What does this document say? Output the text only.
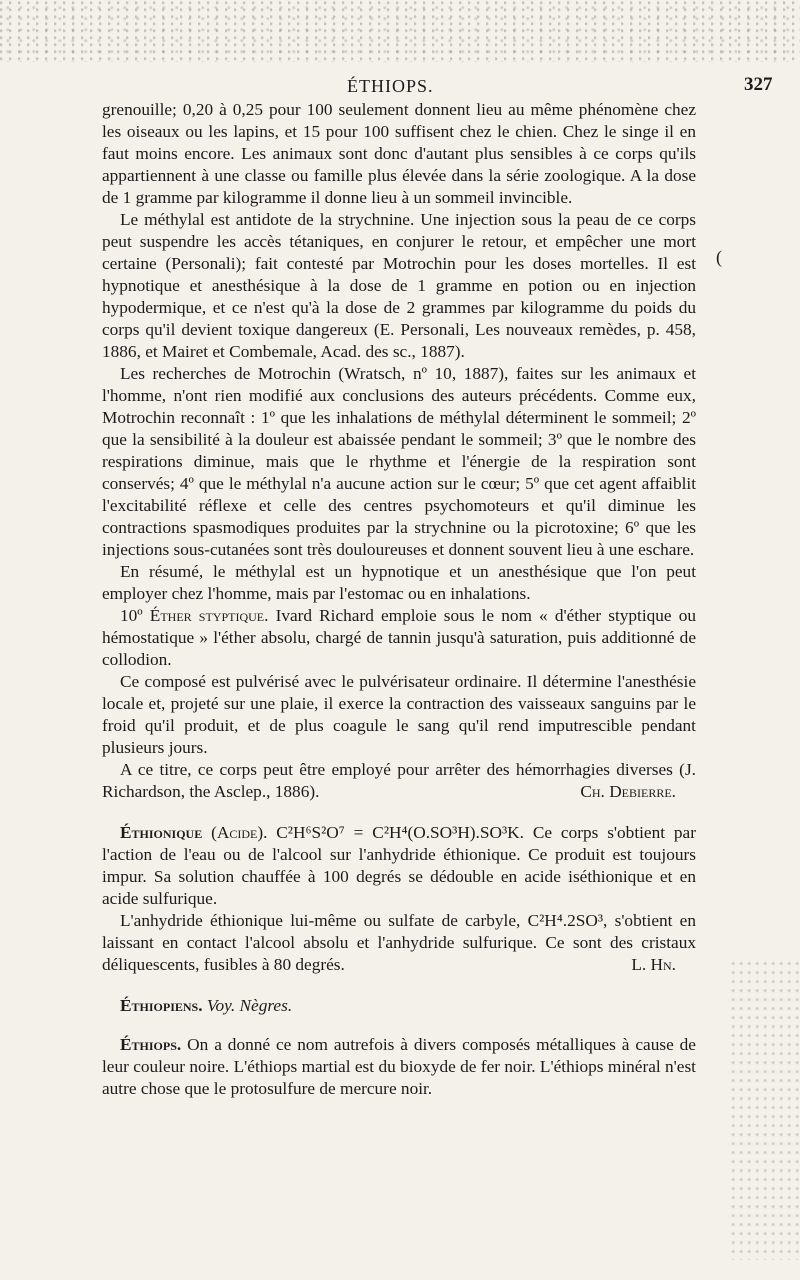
ÉTHIOPS.	327
(

grenouille; 0,20 à 0,25 pour 100 seulement donnent lieu au même phénomène chez les oiseaux ou les lapins, et 15 pour 100 suffisent chez le chien. Chez le singe il en faut moins encore. Les animaux sont donc d'autant plus sensibles à ce corps qu'ils appartiennent à une classe ou famille plus élevée dans la série zoologique. A la dose de 1 gramme par kilogramme il donne lieu à un sommeil invincible.

Le méthylal est antidote de la strychnine. Une injection sous la peau de ce corps peut suspendre les accès tétaniques, en conjurer le retour, et empêcher une mort certaine (Personali); fait contesté par Motrochin pour les doses mortelles. Il est hypnotique et anesthésique à la dose de 1 gramme en potion ou en injection hypodermique, et ce n'est qu'à la dose de 2 grammes par kilogramme du poids du corps qu'il devient toxique dangereux (E. Personali, Les nouveaux remèdes, p. 458, 1886, et Mairet et Combemale, Acad. des sc., 1887).

Les recherches de Motrochin (Wratsch, nº 10, 1887), faites sur les animaux et l'homme, n'ont rien modifié aux conclusions des auteurs précédents. Comme eux, Motrochin reconnaît : 1º que les inhalations de méthylal déterminent le sommeil; 2º que la sensibilité à la douleur est abaissée pendant le sommeil; 3º que le nombre des respirations diminue, mais que le rhythme et l'énergie de la respiration sont conservés; 4º que le méthylal n'a aucune action sur le cœur; 5º que cet agent affaiblit l'excitabilité réflexe et celle des centres psychomoteurs et qu'il diminue les contractions spasmodiques produites par la strychnine ou la picrotoxine; 6º que les injections sous-cutanées sont très douloureuses et donnent souvent lieu à une eschare.

En résumé, le méthylal est un hypnotique et un anesthésique que l'on peut employer chez l'homme, mais par l'estomac ou en inhalations.

10º Éther styptique. Ivard Richard emploie sous le nom « d'éther styptique ou hémostatique » l'éther absolu, chargé de tannin jusqu'à saturation, puis additionné de collodion.

Ce composé est pulvérisé avec le pulvérisateur ordinaire. Il détermine l'anesthésie locale et, projeté sur une plaie, il exerce la contraction des vaisseaux sanguins par le froid qu'il produit, et de plus coagule le sang qu'il rend imputrescible pendant plusieurs jours.

A ce titre, ce corps peut être employé pour arrêter des hémorrhagies diverses (J. Richardson, the Asclep., 1886).	Ch. Debierre.

Éthionique (Acide). C²H⁶S²O⁷ = C²H⁴(O.SO³H).SO³K. Ce corps s'obtient par l'action de l'eau ou de l'alcool sur l'anhydride éthionique. Ce produit est toujours impur. Sa solution chauffée à 100 degrés se dédouble en acide iséthionique et en acide sulfurique.

L'anhydride éthionique lui-même ou sulfate de carbyle, C²H⁴.2SO³, s'obtient en laissant en contact l'alcool absolu et l'anhydride sulfurique. Ce sont des cristaux déliquescents, fusibles à 80 degrés.	L. Hn.

Éthiopiens. Voy. Nègres.

Éthiops. On a donné ce nom autrefois à divers composés métalliques à cause de leur couleur noire. L'éthiops martial est du bioxyde de fer noir. L'éthiops minéral n'est autre chose que le protosulfure de mercure noir.
